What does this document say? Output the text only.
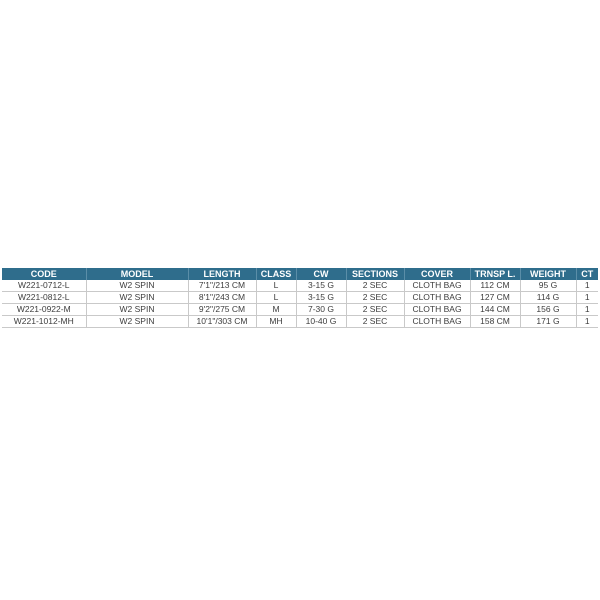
CODE	MODEL	LENGTH	CLASS	CW	SECTIONS	COVER	TRNSP L.	WEIGHT	CT
W221-0712-L	W2 SPIN	7'1"/213 CM	L	3-15 G	2 SEC	CLOTH BAG	112 CM	95 G	1
W221-0812-L	W2 SPIN	8'1"/243 CM	L	3-15 G	2 SEC	CLOTH BAG	127 CM	114 G	1
W221-0922-M	W2 SPIN	9'2"/275 CM	M	7-30 G	2 SEC	CLOTH BAG	144 CM	156 G	1
W221-1012-MH	W2 SPIN	10'1"/303 CM	MH	10-40 G	2 SEC	CLOTH BAG	158 CM	171 G	1
